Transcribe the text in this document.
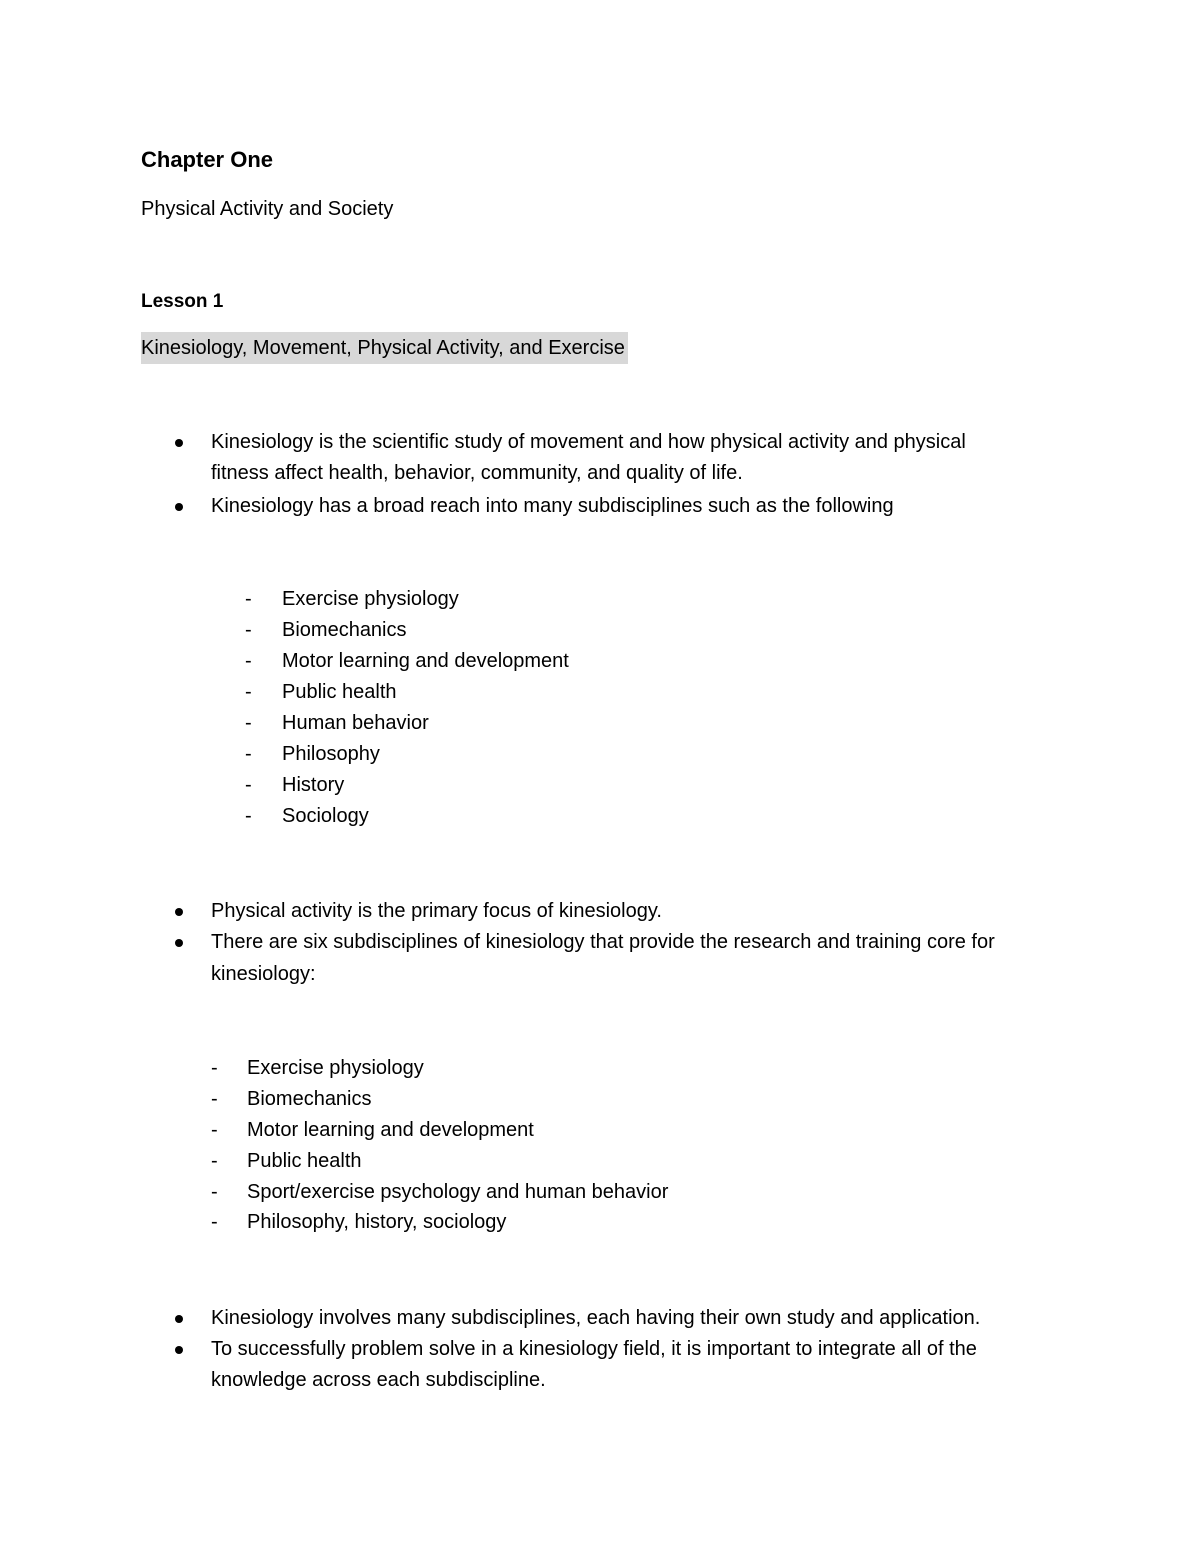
Chapter One
Physical Activity and Society
Lesson 1
Kinesiology, Movement, Physical Activity, and Exercise
Kinesiology is the scientific study of movement and how physical activity and physical
fitness affect health, behavior, community, and quality of life.
Kinesiology has a broad reach into many subdisciplines such as the following
- Exercise physiology
- Biomechanics
- Motor learning and development
- Public health
- Human behavior
- Philosophy
- History
- Sociology
Physical activity is the primary focus of kinesiology.
There are six subdisciplines of kinesiology that provide the research and training core for
kinesiology:
- Exercise physiology
- Biomechanics
- Motor learning and development
- Public health
- Sport/exercise psychology and human behavior
- Philosophy, history, sociology
Kinesiology involves many subdisciplines, each having their own study and application.
To successfully problem solve in a kinesiology field, it is important to integrate all of the
knowledge across each subdiscipline.
